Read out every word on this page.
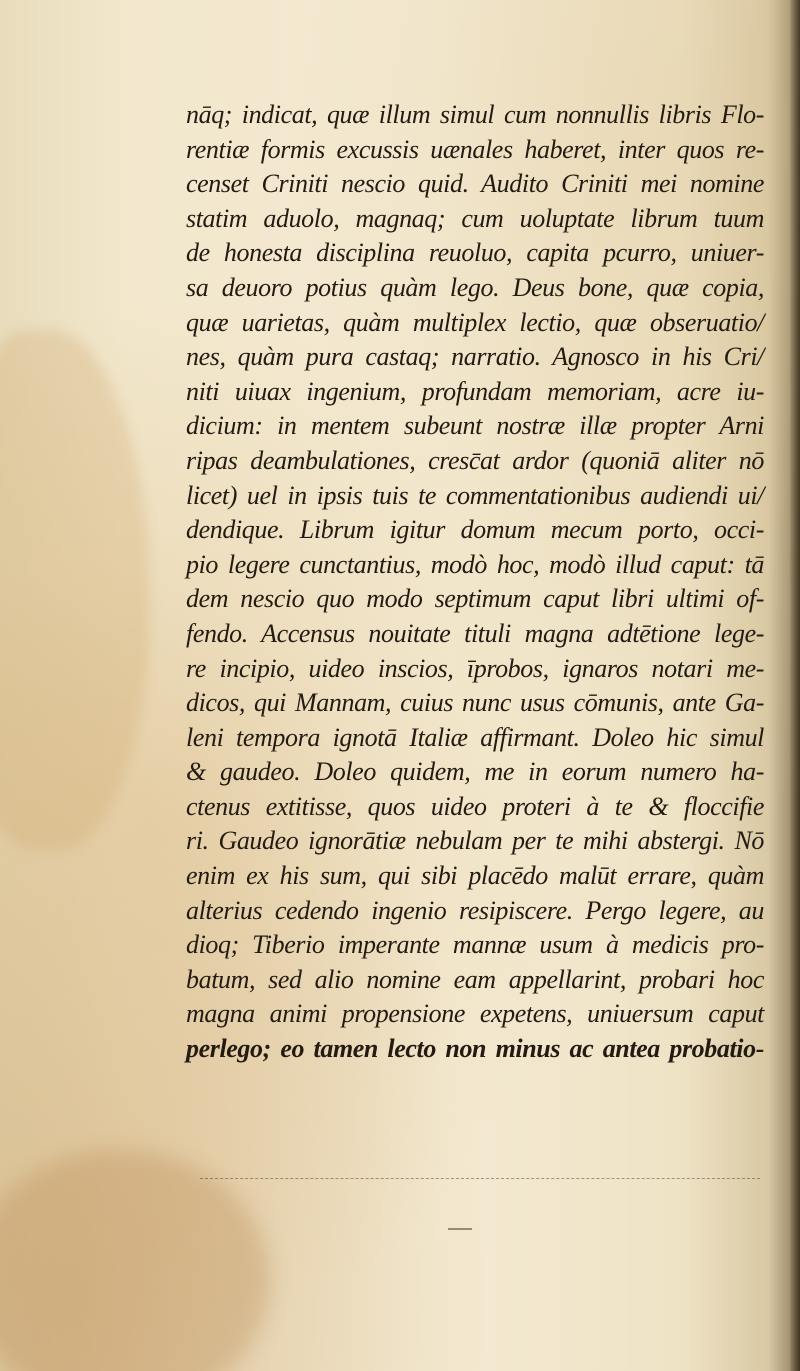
nāq; indicat, quæ illum simul cum nonnullis libris Flo-
rentiæ formis excussis uænales haberet, inter quos re-
censet Criniti nescio quid. Audito Criniti mei nomine
statim aduolo, magnaq; cum uoluptate librum tuum
de honesta disciplina reuoluo, capita pcurro, uniuer-
sa deuoro potius quàm lego. Deus bone, quæ copia,
quæ uarietas, quàm multiplex lectio, quæ obseruatio/
nes, quàm pura castaq; narratio. Agnosco in his Cri/
niti uiuax ingenium, profundam memoriam, acre iu-
dicium: in mentem subeunt nostræ illæ propter Arni
ripas deambulationes, cresc̄at ardor (quoniā aliter nō
licet) uel in ipsis tuis te commentationibus audiendi ui/
dendique. Librum igitur domum mecum porto, occi-
pio legere cunctantius, modò hoc, modò illud caput: tā
dem nescio quo modo septimum caput libri ultimi of-
fendo. Accensus nouitate tituli magna adtētione lege-
re incipio, uideo inscios, īprobos, ignaros notari me-
dicos, qui Mannam, cuius nunc usus cōmunis, ante Ga-
leni tempora ignotā Italiæ affirmant. Doleo hic simul
& gaudeo. Doleo quidem, me in eorum numero ha-
ctenus extitisse, quos uideo proteri à te & floccifie
ri. Gaudeo ignorātiæ nebulam per te mihi abstergi. Nō
enim ex his sum, qui sibi placēdo malūt errare, quàm
alterius cedendo ingenio resipiscere. Pergo legere, au
dioq; Tiberio imperante mannæ usum à medicis pro-
batum, sed alio nomine eam appellarint, probari hoc
magna animi propensione expetens, uniuersum caput
perlego; eo tamen lecto non minus ac antea probatio-
